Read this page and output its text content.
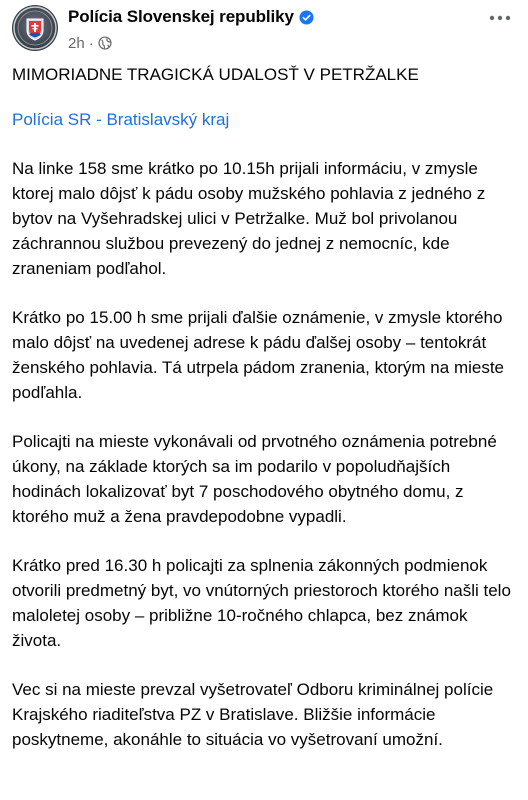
Polícia Slovenskej republiky
2h ·

MIMORIADNE TRAGICKÁ UDALOSŤ V PETRŽALKE

Polícia SR - Bratislavský kraj

Na linke 158 sme krátko po 10.15h prijali informáciu, v zmysle ktorej malo dôjsť k pádu osoby mužského pohlavia z jedného z bytov na Vyšehradskej ulici v Petržalke. Muž bol privolanou záchrannou službou prevezený do jednej z nemocníc, kde zraneniam podľahol.

Krátko po 15.00 h sme prijali ďalšie oznámenie, v zmysle ktorého malo dôjsť na uvedenej adrese k pádu ďalšej osoby – tentokrát ženského pohlavia. Tá utrpela pádom zranenia, ktorým na mieste podľahla.

Policajti na mieste vykonávali od prvotného oznámenia potrebné úkony, na základe ktorých sa im podarilo v popoludňajších hodinách lokalizovať byt 7 poschodového obytného domu, z ktorého muž a žena pravdepodobne vypadli.

Krátko pred 16.30 h policajti za splnenia zákonných podmienok otvorili predmetný byt, vo vnútorných priestoroch ktorého našli telo maloletej osoby – približne 10-ročného chlapca, bez známok života.

Vec si na mieste prevzal vyšetrovateľ Odboru kriminálnej polície Krajského riaditeľstva PZ v Bratislave. Bližšie informácie poskytneme, akonáhle to situácia vo vyšetrovaní umožní.
